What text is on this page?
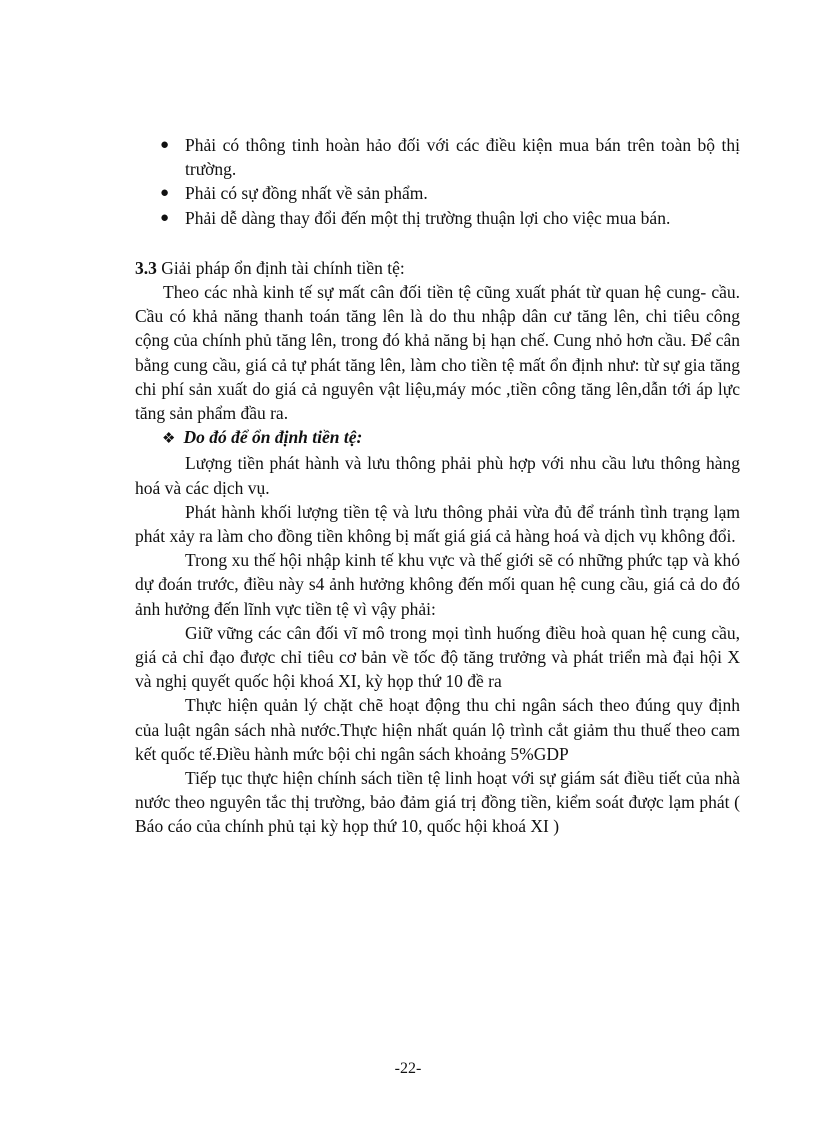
● Phải có thông tinh hoàn hảo đối với các điều kiện mua bán trên toàn bộ thị trường.
● Phải có sự đồng nhất về sản phẩm.
● Phải dễ dàng thay đổi đến một thị trường thuận lợi cho việc mua bán.
3.3 Giải pháp ổn định tài chính tiền tệ:

Theo các nhà kinh tế sự mất cân đối tiền tệ cũng xuất phát từ quan hệ cung- cầu. Cầu có khả năng thanh toán tăng lên là do thu nhập dân cư tăng lên, chi tiêu công cộng của chính phủ tăng lên, trong đó khả năng bị hạn chế. Cung nhỏ hơn cầu. Để cân bằng cung cầu, giá cả tự phát tăng lên, làm cho tiền tệ mất ổn định như: từ sự gia tăng chi phí sản xuất do giá cả nguyên vật liệu,máy móc ,tiền công tăng lên,dẫn tới áp lực tăng sản phẩm đầu ra.

❖ Do đó để ổn định tiền tệ:

Lượng tiền phát hành và lưu thông phải phù hợp với nhu cầu lưu thông hàng hoá và các dịch vụ.

Phát hành khối lượng tiền tệ và lưu thông phải vừa đủ để tránh tình trạng lạm phát xảy ra làm cho đồng tiền không bị mất giá giá cả hàng hoá và dịch vụ không đổi.

Trong xu thế hội nhập kinh tế khu vực và thế giới sẽ có những phức tạp và khó dự đoán trước, điều này s4 ảnh hưởng không đến mối quan hệ cung cầu, giá cả do đó ảnh hưởng đến lĩnh vực tiền tệ vì vậy phải:

Giữ vững các cân đối vĩ mô trong mọi tình huống điều hoà quan hệ cung cầu, giá cả chỉ đạo được chỉ tiêu cơ bản về tốc độ tăng trưởng và phát triển mà đại hội X và nghị quyết quốc hội khoá XI, kỳ họp thứ 10 đề ra

Thực hiện quản lý chặt chẽ hoạt động thu chi ngân sách theo đúng quy định của luật ngân sách nhà nước.Thực hiện nhất quán lộ trình cắt giảm thu thuế theo cam kết quốc tế.Điều hành mức bội chi ngân sách khoảng 5%GDP

Tiếp tục thực hiện chính sách tiền tệ linh hoạt với sự giám sát điều tiết của nhà nước theo nguyên tắc thị trường, bảo đảm giá trị đồng tiền, kiểm soát được lạm phát ( Báo cáo của chính phủ tại kỳ họp thứ 10, quốc hội khoá XI )

-22-
